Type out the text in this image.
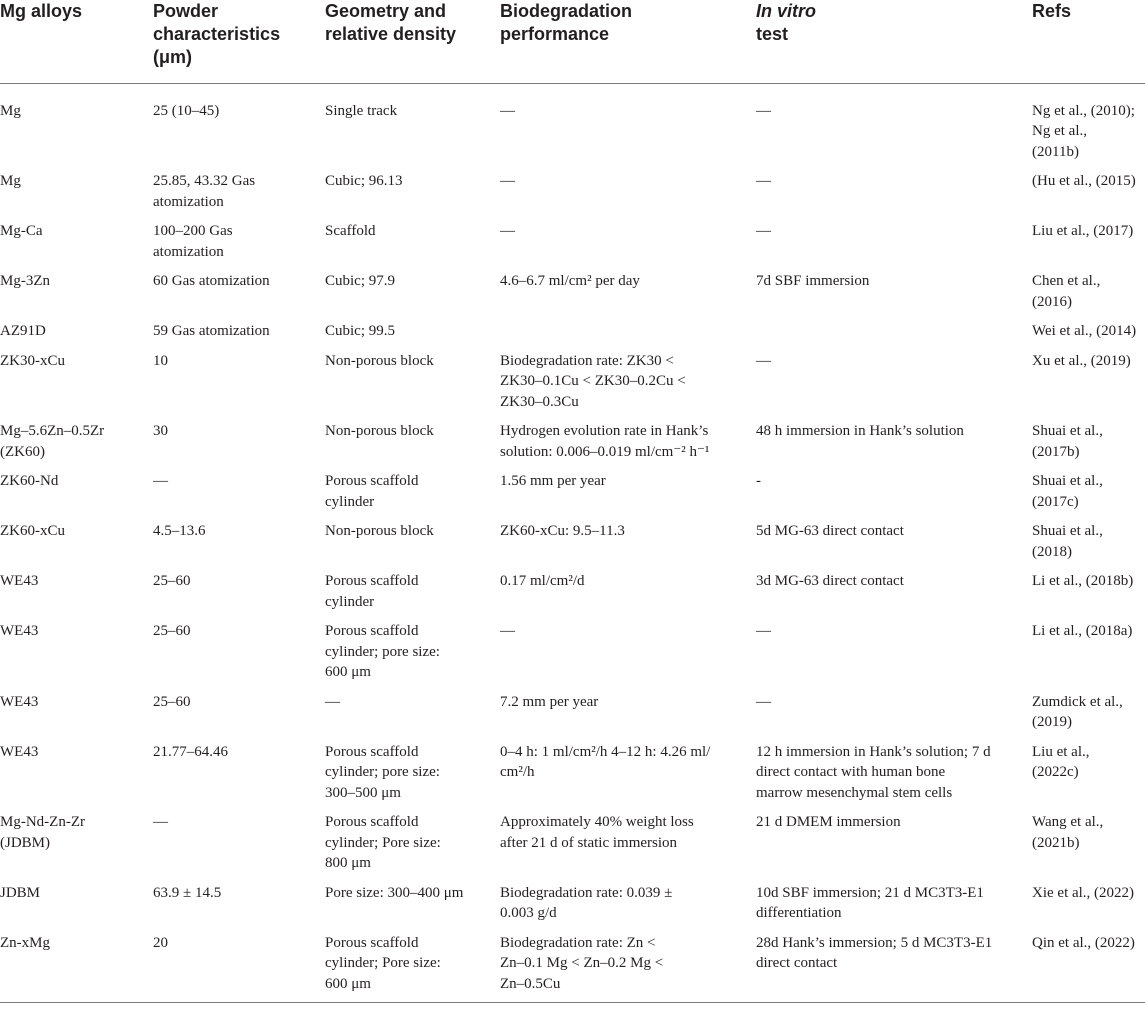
Mg alloys	Powder
characteristics
(μm)	Geometry and
relative density	Biodegradation
performance	In vitro
test	Refs

Mg	25 (10–45)	Single track	—	—	Ng et al., (2010);
Ng et al.,
(2011b)
Mg	25.85, 43.32 Gas
atomization	Cubic; 96.13	—	—	(Hu et al., (2015)
Mg-Ca	100–200 Gas
atomization	Scaffold	—	—	Liu et al., (2017)
Mg-3Zn	60 Gas atomization	Cubic; 97.9	4.6–6.7 ml/cm² per day	7d SBF immersion	Chen et al.,
(2016)
AZ91D	59 Gas atomization	Cubic; 99.5			Wei et al., (2014)
ZK30-xCu	10	Non-porous block	Biodegradation rate: ZK30 <
ZK30–0.1Cu < ZK30–0.2Cu <
ZK30–0.3Cu	—	Xu et al., (2019)
Mg–5.6Zn–0.5Zr
(ZK60)	30	Non-porous block	Hydrogen evolution rate in Hank’s
solution: 0.006–0.019 ml/cm⁻² h⁻¹	48 h immersion in Hank’s solution	Shuai et al.,
(2017b)
ZK60-Nd	—	Porous scaffold
cylinder	1.56 mm per year	-	Shuai et al.,
(2017c)
ZK60-xCu	4.5–13.6	Non-porous block	ZK60-xCu: 9.5–11.3	5d MG-63 direct contact	Shuai et al.,
(2018)
WE43	25–60	Porous scaffold
cylinder	0.17 ml/cm²/d	3d MG-63 direct contact	Li et al., (2018b)
WE43	25–60	Porous scaffold
cylinder; pore size:
600 μm	—	—	Li et al., (2018a)
WE43	25–60	—	7.2 mm per year	—	Zumdick et al.,
(2019)
WE43	21.77–64.46	Porous scaffold
cylinder; pore size:
300–500 μm	0–4 h: 1 ml/cm²/h 4–12 h: 4.26 ml/
cm²/h	12 h immersion in Hank’s solution; 7 d
direct contact with human bone
marrow mesenchymal stem cells	Liu et al.,
(2022c)
Mg-Nd-Zn-Zr
(JDBM)	—	Porous scaffold
cylinder; Pore size:
800 μm	Approximately 40% weight loss
after 21 d of static immersion	21 d DMEM immersion	Wang et al.,
(2021b)
JDBM	63.9 ± 14.5	Pore size: 300–400 μm	Biodegradation rate: 0.039 ±
0.003 g/d	10d SBF immersion; 21 d MC3T3-E1
differentiation	Xie et al., (2022)
Zn-xMg	20	Porous scaffold
cylinder; Pore size:
600 μm	Biodegradation rate: Zn <
Zn–0.1 Mg < Zn–0.2 Mg <
Zn–0.5Cu	28d Hank’s immersion; 5 d MC3T3-E1
direct contact	Qin et al., (2022)
